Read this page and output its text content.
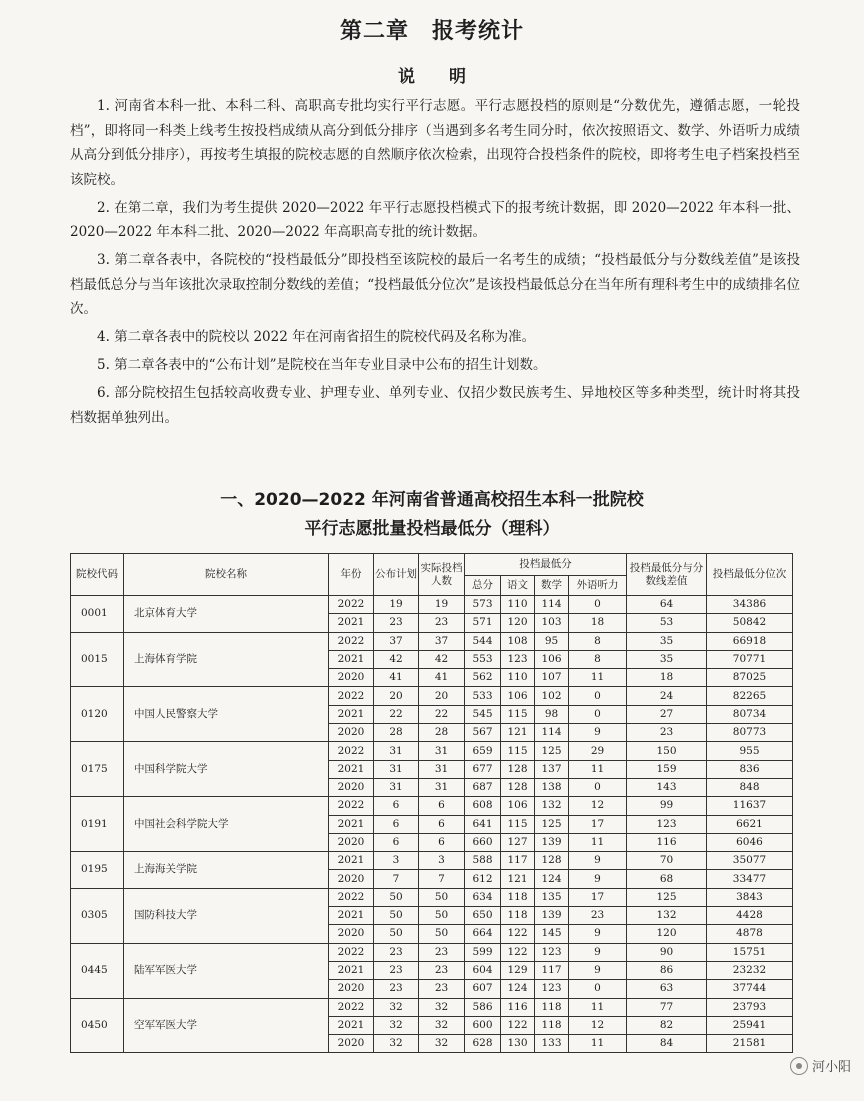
第二章　报考统计
说　　明

1. 河南省本科一批、本科二科、高职高专批均实行平行志愿。平行志愿投档的原则是“分数优先，遵循志愿，一轮投档”，即将同一科类上线考生按投档成绩从高分到低分排序（当遇到多名考生同分时，依次按照语文、数学、外语听力成绩从高分到低分排序），再按考生填报的院校志愿的自然顺序依次检索，出现符合投档条件的院校，即将考生电子档案投档至该院校。

2. 在第二章，我们为考生提供 2020—2022 年平行志愿投档模式下的报考统计数据，即 2020—2022 年本科一批、2020—2022 年本科二批、2020—2022 年高职高专批的统计数据。

3. 第二章各表中，各院校的“投档最低分”即投档至该院校的最后一名考生的成绩；“投档最低分与分数线差值”是该投档最低总分与当年该批次录取控制分数线的差值；“投档最低分位次”是该投档最低总分在当年所有理科考生中的成绩排名位次。

4. 第二章各表中的院校以 2022 年在河南省招生的院校代码及名称为准。

5. 第二章各表中的“公布计划”是院校在当年专业目录中公布的招生计划数。

6. 部分院校招生包括较高收费专业、护理专业、单列专业、仅招少数民族考生、异地校区等多种类型，统计时将其投档数据单独列出。

一、2020—2022 年河南省普通高校招生本科一批院校
平行志愿批量投档最低分（理科）
院校代码	院校名称	年份	公布计划	实际投档人数	投档最低分				投档最低分与分数线差值	投档最低分位次
					总分	语文	数学	外语听力		
0001	北京体育大学	2022	19	19	573	110	114	0	64	34386
		2021	23	23	571	120	103	18	53	50842
0015	上海体育学院	2022	37	37	544	108	95	8	35	66918
		2021	42	42	553	123	106	8	35	70771
		2020	41	41	562	110	107	11	18	87025
0120	中国人民警察大学	2022	20	20	533	106	102	0	24	82265
		2021	22	22	545	115	98	0	27	80734
		2020	28	28	567	121	114	9	23	80773
0175	中国科学院大学	2022	31	31	659	115	125	29	150	955
		2021	31	31	677	128	137	11	159	836
		2020	31	31	687	128	138	0	143	848
0191	中国社会科学院大学	2022	6	6	608	106	132	12	99	11637
		2021	6	6	641	115	125	17	123	6621
		2020	6	6	660	127	139	11	116	6046
0195	上海海关学院	2021	3	3	588	117	128	9	70	35077
		2020	7	7	612	121	124	9	68	33477
0305	国防科技大学	2022	50	50	634	118	135	17	125	3843
		2021	50	50	650	118	139	23	132	4428
		2020	50	50	664	122	145	9	120	4878
0445	陆军军医大学	2022	23	23	599	122	123	9	90	15751
		2021	23	23	604	129	117	9	86	23232
		2020	23	23	607	124	123	0	63	37744
0450	空军军医大学	2022	32	32	586	116	118	11	77	23793
		2021	32	32	600	122	118	12	82	25941
		2020	32	32	628	130	133	11	84	21581
河小阳
